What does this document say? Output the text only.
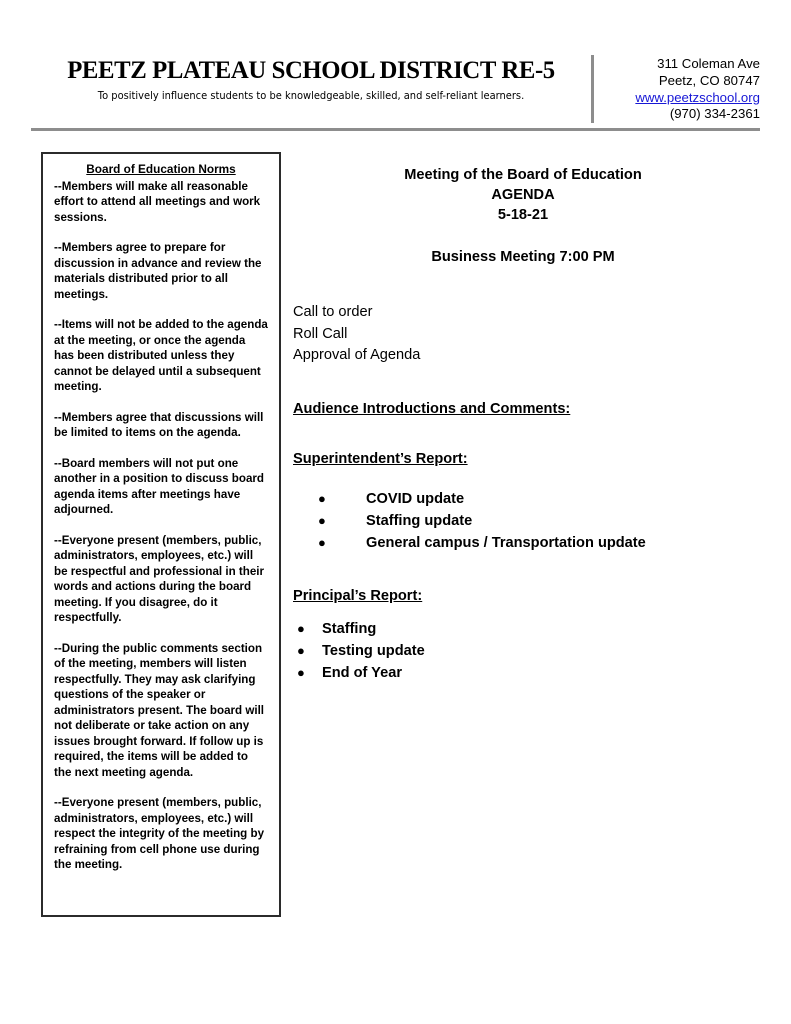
PEETZ PLATEAU SCHOOL DISTRICT RE-5
To positively influence students to be knowledgeable, skilled, and self-reliant learners.
311 Coleman Ave
Peetz, CO 80747
www.peetzschool.org
(970) 334-2361
Board of Education Norms
--Members will make all reasonable effort to attend all meetings and work sessions.
--Members agree to prepare for discussion in advance and review the materials distributed prior to all meetings.
--Items will not be added to the agenda at the meeting, or once the agenda has been distributed unless they cannot be delayed until a subsequent meeting.
--Members agree that discussions will be limited to items on the agenda.
--Board members will not put one another in a position to discuss board agenda items after meetings have adjourned.
--Everyone present (members, public, administrators, employees, etc.) will be respectful and professional in their words and actions during the board meeting. If you disagree, do it respectfully.
--During the public comments section of the meeting, members will listen respectfully. They may ask clarifying questions of the speaker or administrators present. The board will not deliberate or take action on any issues brought forward. If follow up is required, the items will be added to the next meeting agenda.
--Everyone present (members, public, administrators, employees, etc.) will respect the integrity of the meeting by refraining from cell phone use during the meeting.
Meeting of the Board of Education
AGENDA
5-18-21
Business Meeting 7:00 PM
Call to order
Roll Call
Approval of Agenda
Audience Introductions and Comments:
Superintendent’s Report:
●	COVID update
●	Staffing update
●	General campus / Transportation update
Principal’s Report:
●	Staffing
●	Testing update
●	End of Year
